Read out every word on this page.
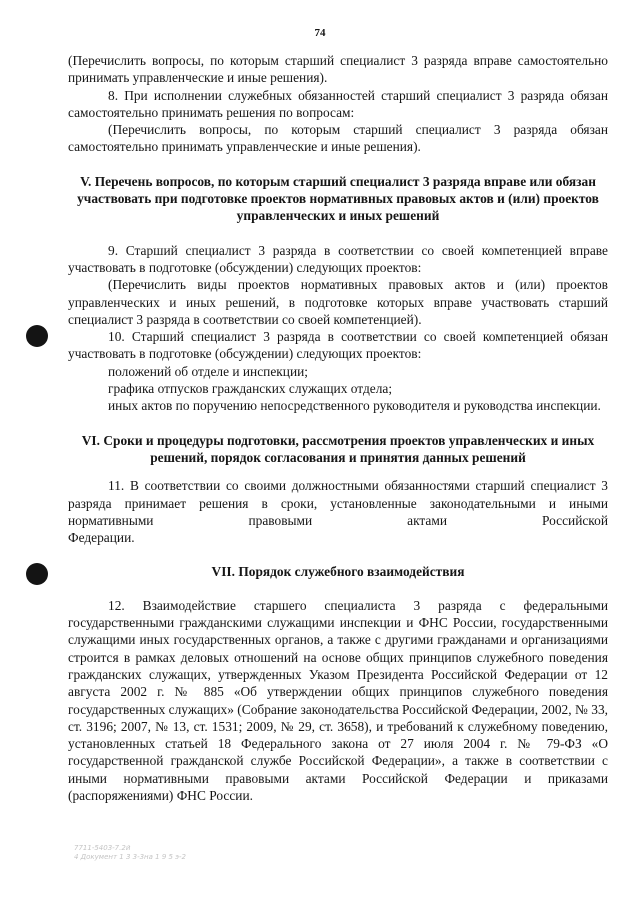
74

(Перечислить вопросы, по которым старший специалист 3 разряда вправе самостоятельно принимать управленческие и иные решения).

8. При исполнении служебных обязанностей старший специалист 3 разряда обязан самостоятельно принимать решения по вопросам:

(Перечислить вопросы, по которым старший специалист 3 разряда обязан самостоятельно принимать управленческие и иные решения).

V. Перечень вопросов, по которым старший специалист 3 разряда вправе или обязан участвовать при подготовке проектов нормативных правовых актов и (или) проектов управленческих и иных решений

9. Старший специалист 3 разряда в соответствии со своей компетенцией вправе участвовать в подготовке (обсуждении) следующих проектов:

(Перечислить виды проектов нормативных правовых актов и (или) проектов управленческих и иных решений, в подготовке которых вправе участвовать старший специалист 3 разряда в соответствии со своей компетенцией).

10. Старший специалист 3 разряда в соответствии со своей компетенцией обязан участвовать в подготовке (обсуждении) следующих проектов:

положений об отделе и инспекции;

графика отпусков гражданских служащих отдела;

иных актов по поручению непосредственного руководителя и руководства инспекции.

VI. Сроки и процедуры подготовки, рассмотрения проектов управленческих и иных решений, порядок согласования и принятия данных решений

11. В соответствии со своими должностными обязанностями старший специалист 3 разряда принимает решения в сроки, установленные законодательными и иными нормативными правовыми актами Российской

Федерации.

VII. Порядок служебного взаимодействия

12. Взаимодействие старшего специалиста 3 разряда с федеральными государственными гражданскими служащими инспекции и ФНС России, государственными служащими иных государственных органов, а также с другими гражданами и организациями строится в рамках деловых отношений на основе общих принципов служебного поведения гражданских служащих, утвержденных Указом Президента Российской Федерации от 12 августа 2002 г. № 885 «Об утверждении общих принципов служебного поведения государственных служащих» (Собрание законодательства Российской Федерации, 2002, № 33, ст. 3196; 2007, № 13, ст. 1531; 2009, № 29, ст. 3658), и требований к служебному поведению, установленных статьей 18 Федерального закона от 27 июля 2004 г. № 79-ФЗ «О государственной гражданской службе Российской Федерации», а также в соответствии с иными нормативными правовыми актами Российской Федерации и приказами (распоряжениями) ФНС России.

7711-5403-7.2й
4 Документ 1 3 3-3на 1 9 5 э-2
